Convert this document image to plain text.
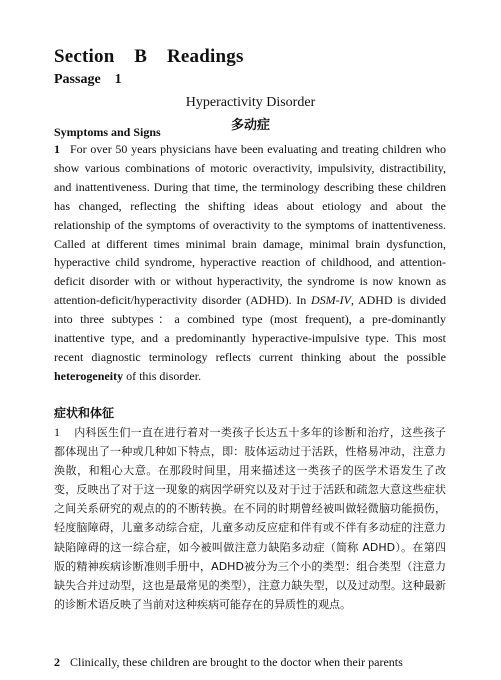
Section    B    Readings
Passage    1
Hyperactivity Disorder
多动症
Symptoms and Signs

1 For over 50 years physicians have been evaluating and treating children who show various combinations of motoric overactivity, impulsivity, distractibility, and inattentiveness. During that time, the terminology describing these children has changed, reflecting the shifting ideas about etiology and about the relationship of the symptoms of overactivity to the symptoms of inattentiveness. Called at different times minimal brain damage, minimal brain dysfunction, hyperactive child syndrome, hyperactive reaction of childhood, and attention-deficit disorder with or without hyperactivity, the syndrome is now known as attention-deficit/hyperactivity disorder (ADHD). In DSM-IV, ADHD is divided into three subtypes：a combined type (most frequent), a pre-dominantly inattentive type, and a predominantly hyperactive-impulsive type. This most recent diagnostic terminology reflects current thinking about the possible heterogeneity of this disorder.

症状和体征

1 内科医生们一直在进行着对一类孩子长达五十多年的诊断和治疗，这些孩子都体现出了一种或几种如下特点，即：肢体运动过于活跃，性格易冲动，注意力涣散，和粗心大意。在那段时间里，用来描述这一类孩子的医学术语发生了改变，反映出了对于这一现象的病因学研究以及对于过于活跃和疏忽大意这些症状之间关系研究的观点的的不断转换。在不同的时期曾经被叫做轻微脑功能损伤，轻度脑障碍，儿童多动综合症，儿童多动反应症和伴有或不伴有多动症的注意力缺陷障碍的这一综合症，如今被叫做注意力缺陷多动症（简称 ADHD）。在第四版的精神疾病诊断准则手册中，ADHD被分为三个小的类型：组合类型（注意力缺失合并过动型，这也是最常见的类型），注意力缺失型，以及过动型。这种最新的诊断术语反映了当前对这种疾病可能存在的异质性的观点。

2 Clinically, these children are brought to the doctor when their parents
